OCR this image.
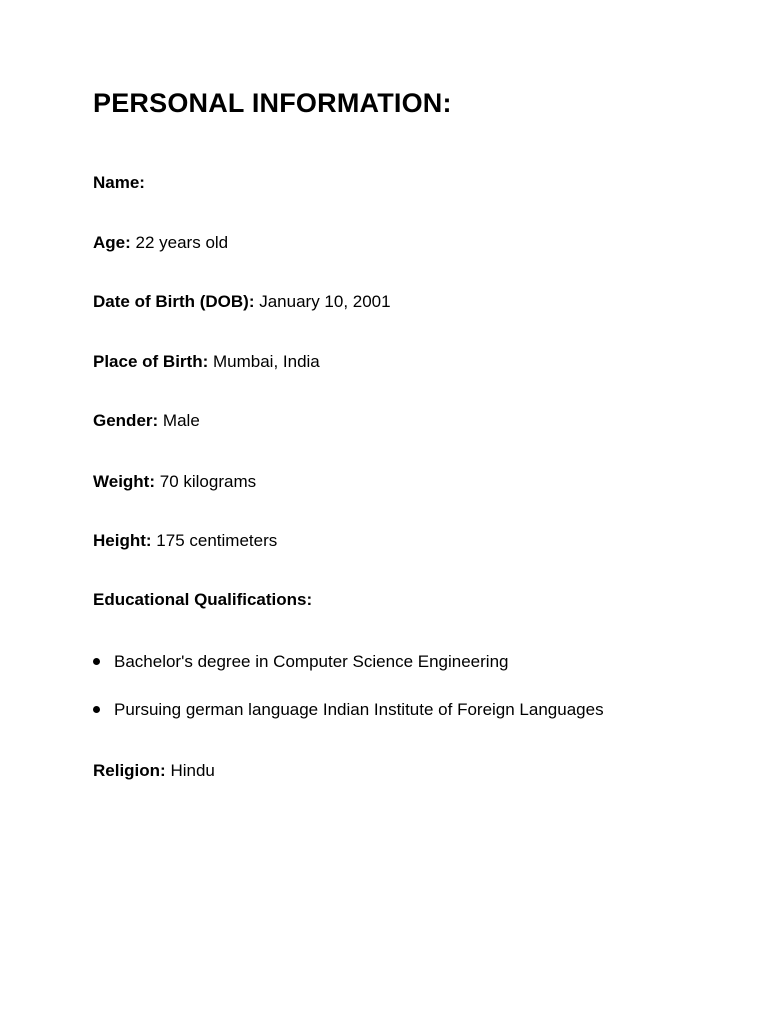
PERSONAL INFORMATION:
Name:
Age: 22 years old
Date of Birth (DOB): January 10, 2001
Place of Birth: Mumbai, India
Gender: Male
Weight: 70 kilograms
Height: 175 centimeters
Educational Qualifications:
Bachelor's degree in Computer Science Engineering
Pursuing german language Indian Institute of Foreign Languages
Religion: Hindu
